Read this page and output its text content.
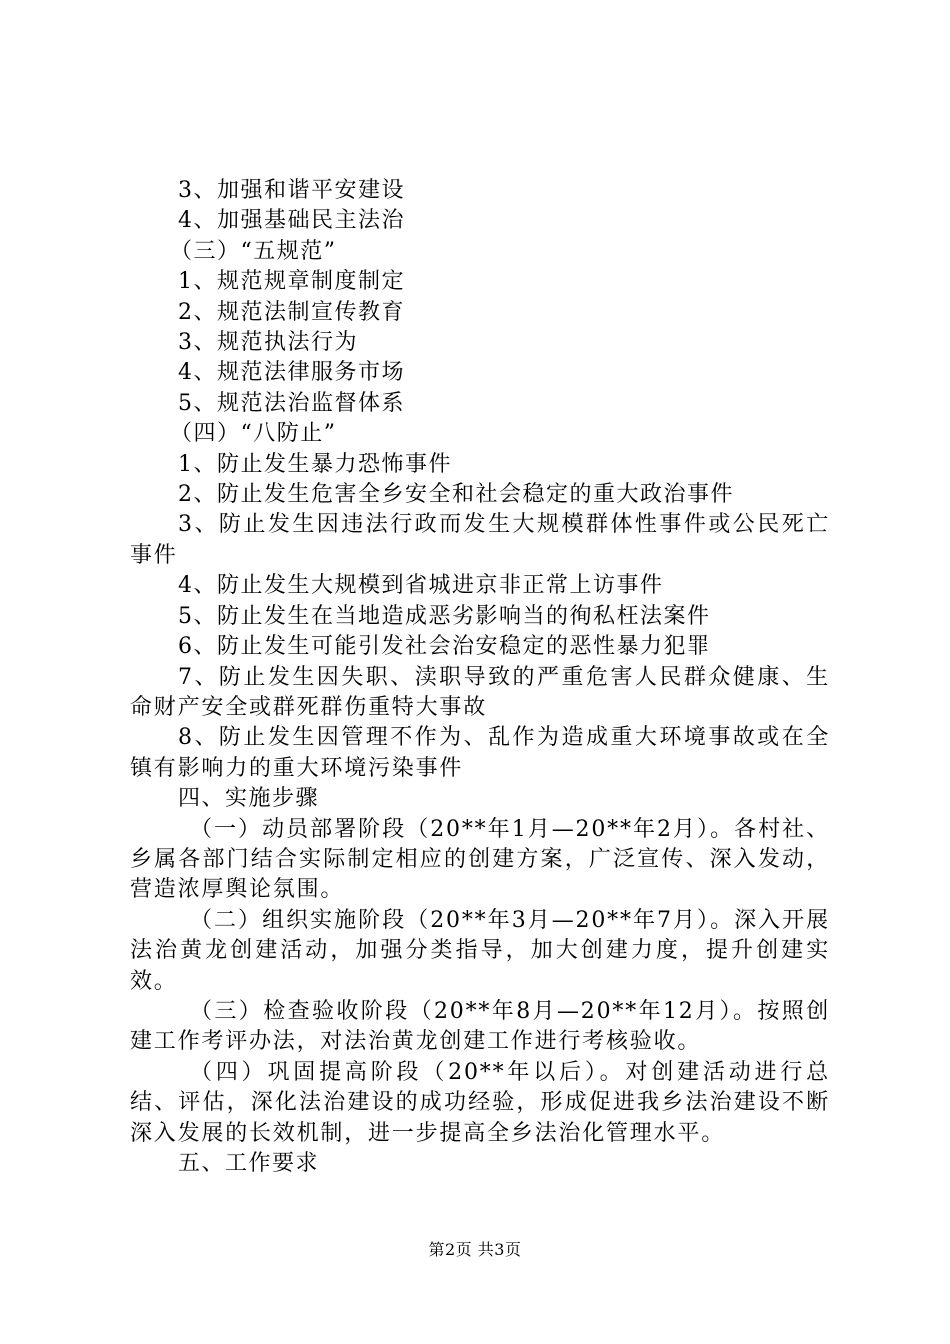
3、加强和谐平安建设

4、加强基础民主法治

（三）“五规范”

1、规范规章制度制定

2、规范法制宣传教育

3、规范执法行为

4、规范法律服务市场

5、规范法治监督体系

（四）“八防止”

1、防止发生暴力恐怖事件

2、防止发生危害全乡安全和社会稳定的重大政治事件

3、防止发生因违法行政而发生大规模群体性事件或公民死亡事件

4、防止发生大规模到省城进京非正常上访事件

5、防止发生在当地造成恶劣影响当的徇私枉法案件

6、防止发生可能引发社会治安稳定的恶性暴力犯罪

7、防止发生因失职、渎职导致的严重危害人民群众健康、生命财产安全或群死群伤重特大事故

8、防止发生因管理不作为、乱作为造成重大环境事故或在全镇有影响力的重大环境污染事件

四、实施步骤

（一）动员部署阶段（20**年1月—20**年2月）。各村社、乡属各部门结合实际制定相应的创建方案，广泛宣传、深入发动，营造浓厚舆论氛围。

（二）组织实施阶段（20**年3月—20**年7月）。深入开展法治黄龙创建活动，加强分类指导，加大创建力度，提升创建实效。

（三）检查验收阶段（20**年8月—20**年12月）。按照创建工作考评办法，对法治黄龙创建工作进行考核验收。

（四）巩固提高阶段（20**年以后）。对创建活动进行总结、评估，深化法治建设的成功经验，形成促进我乡法治建设不断深入发展的长效机制，进一步提高全乡法治化管理水平。

五、工作要求

第2页 共3页
